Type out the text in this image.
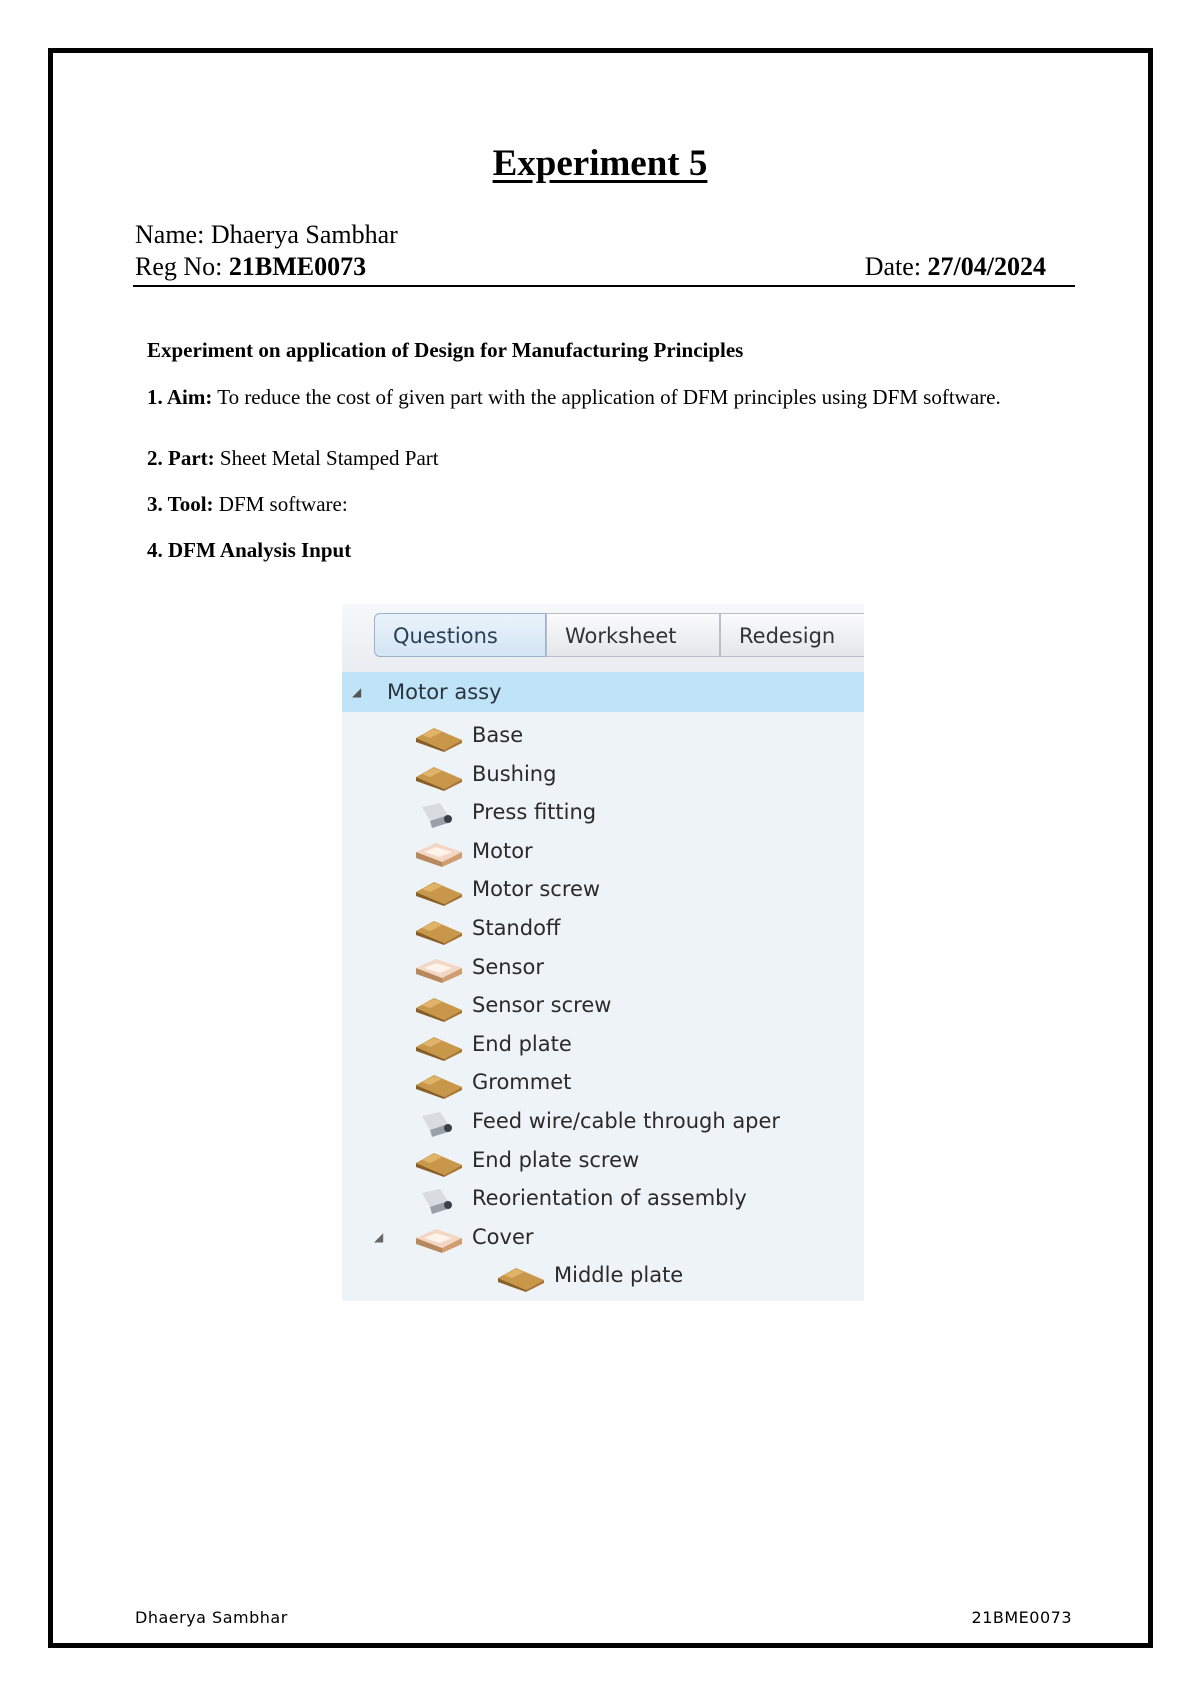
Experiment 5
Name: Dhaerya Sambhar
Reg No: 21BME0073	Date: 27/04/2024
Experiment on application of Design for Manufacturing Principles
1. Aim: To reduce the cost of given part with the application of DFM principles using DFM software.
2. Part: Sheet Metal Stamped Part
3. Tool: DFM software:
4. DFM Analysis Input
Questions	Worksheet	Redesign
◢ Motor assy
Base
Bushing
Press fitting
Motor
Motor screw
Standoff
Sensor
Sensor screw
End plate
Grommet
Feed wire/cable through aper
End plate screw
Reorientation of assembly
Cover
◢
Middle plate
Dhaerya Sambhar	21BME0073
